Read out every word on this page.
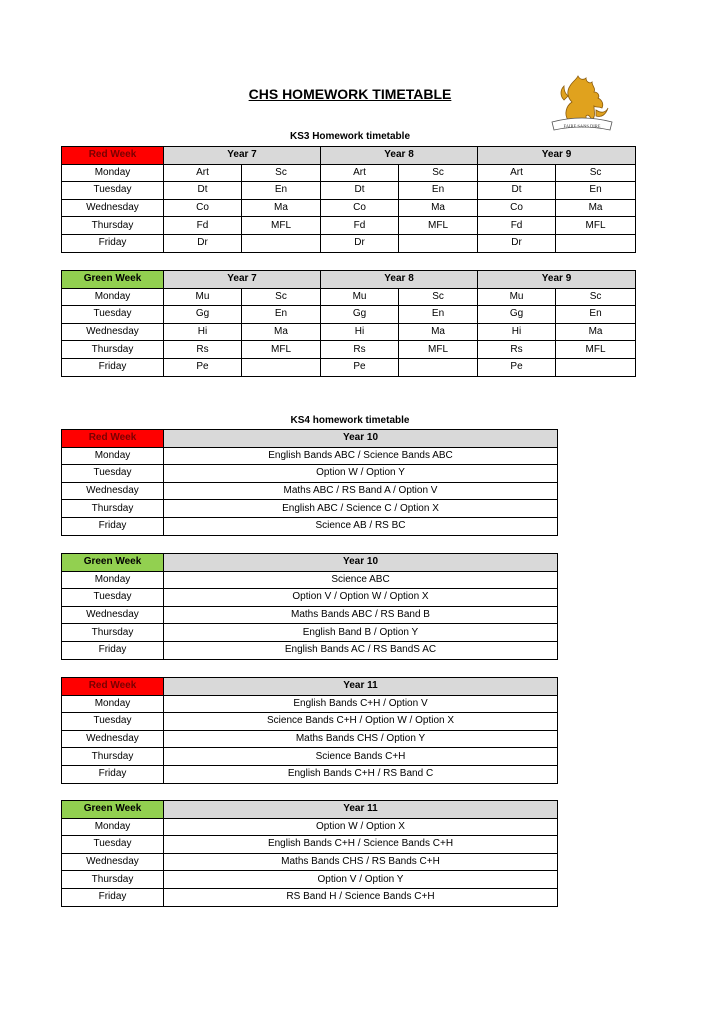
CHS HOMEWORK TIMETABLE
FAIRE SANS DIRE
KS3 Homework timetable
Red Week	Year 7		Year 8		Year 9	
Monday	Art	Sc	Art	Sc	Art	Sc
Tuesday	Dt	En	Dt	En	Dt	En
Wednesday	Co	Ma	Co	Ma	Co	Ma
Thursday	Fd	MFL	Fd	MFL	Fd	MFL
Friday	Dr		Dr		Dr	
Green Week	Year 7		Year 8		Year 9	
Monday	Mu	Sc	Mu	Sc	Mu	Sc
Tuesday	Gg	En	Gg	En	Gg	En
Wednesday	Hi	Ma	Hi	Ma	Hi	Ma
Thursday	Rs	MFL	Rs	MFL	Rs	MFL
Friday	Pe		Pe		Pe	
KS4 homework timetable
Red Week	Year 10
Monday	English Bands ABC / Science Bands ABC
Tuesday	Option W / Option Y
Wednesday	Maths ABC / RS Band A / Option V
Thursday	English ABC / Science C / Option X
Friday	Science AB / RS BC
Green Week	Year 10
Monday	Science ABC
Tuesday	Option V / Option W / Option X
Wednesday	Maths Bands ABC / RS Band B
Thursday	English Band B / Option Y
Friday	English Bands AC / RS BandS AC
Red Week	Year 11
Monday	English Bands C+H / Option V
Tuesday	Science Bands C+H / Option W / Option X
Wednesday	Maths Bands CHS / Option Y
Thursday	Science Bands C+H
Friday	English Bands C+H / RS Band C
Green Week	Year 11
Monday	Option W / Option X
Tuesday	English Bands C+H / Science Bands C+H
Wednesday	Maths Bands CHS / RS Bands C+H
Thursday	Option V / Option Y
Friday	RS Band H / Science Bands C+H
